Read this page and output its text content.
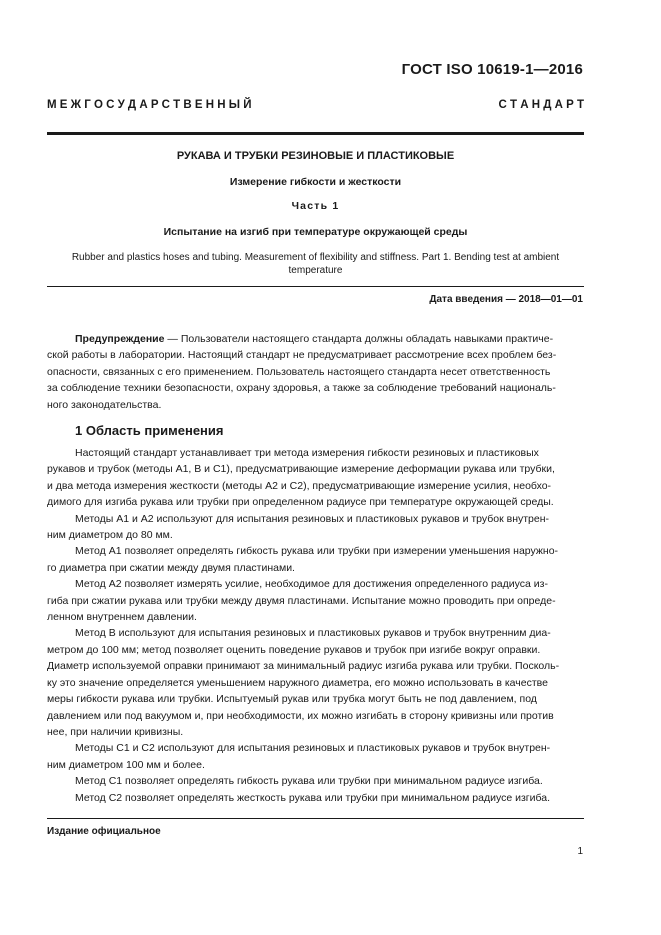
ГОСТ ISO 10619-1—2016
М Е Ж Г О С У Д А Р С Т В Е Н Н Ы Й	С Т А Н Д А Р Т
РУКАВА И ТРУБКИ РЕЗИНОВЫЕ И ПЛАСТИКОВЫЕ
Измерение гибкости и жесткости
Часть 1
Испытание на изгиб при температуре окружающей среды
Rubber and plastics hoses and tubing. Measurement of flexibility and stiffness. Part 1. Bending test at ambient temperature
Дата введения — 2018—01—01
Предупреждение — Пользователи настоящего стандарта должны обладать навыками практиче-
ской работы в лаборатории. Настоящий стандарт не предусматривает рассмотрение всех проблем без-
опасности, связанных с его применением. Пользователь настоящего стандарта несет ответственность
за соблюдение техники безопасности, охрану здоровья, а также за соблюдение требований националь-
ного законодательства.
1 Область применения
Настоящий стандарт устанавливает три метода измерения гибкости резиновых и пластиковых
рукавов и трубок (методы А1, В и С1), предусматривающие измерение деформации рукава или трубки,
и два метода измерения жесткости (методы А2 и С2), предусматривающие измерение усилия, необхо-
димого для изгиба рукава или трубки при определенном радиусе при температуре окружающей среды.
Методы А1 и А2 используют для испытания резиновых и пластиковых рукавов и трубок внутрен-
ним диаметром до 80 мм.
Метод А1 позволяет определять гибкость рукава или трубки при измерении уменьшения наружно-
го диаметра при сжатии между двумя пластинами.
Метод А2 позволяет измерять усилие, необходимое для достижения определенного радиуса из-
гиба при сжатии рукава или трубки между двумя пластинами. Испытание можно проводить при опреде-
ленном внутреннем давлении.
Метод В используют для испытания резиновых и пластиковых рукавов и трубок внутренним диа-
метром до 100 мм; метод позволяет оценить поведение рукавов и трубок при изгибе вокруг оправки.
Диаметр используемой оправки принимают за минимальный радиус изгиба рукава или трубки. Посколь-
ку это значение определяется уменьшением наружного диаметра, его можно использовать в качестве
меры гибкости рукава или трубки. Испытуемый рукав или трубка могут быть не под давлением, под
давлением или под вакуумом и, при необходимости, их можно изгибать в сторону кривизны или против
нее, при наличии кривизны.
Методы С1 и С2 используют для испытания резиновых и пластиковых рукавов и трубок внутрен-
ним диаметром 100 мм и более.
Метод С1 позволяет определять гибкость рукава или трубки при минимальном радиусе изгиба.
Метод С2 позволяет определять жесткость рукава или трубки при минимальном радиусе изгиба.
Издание официальное
1
